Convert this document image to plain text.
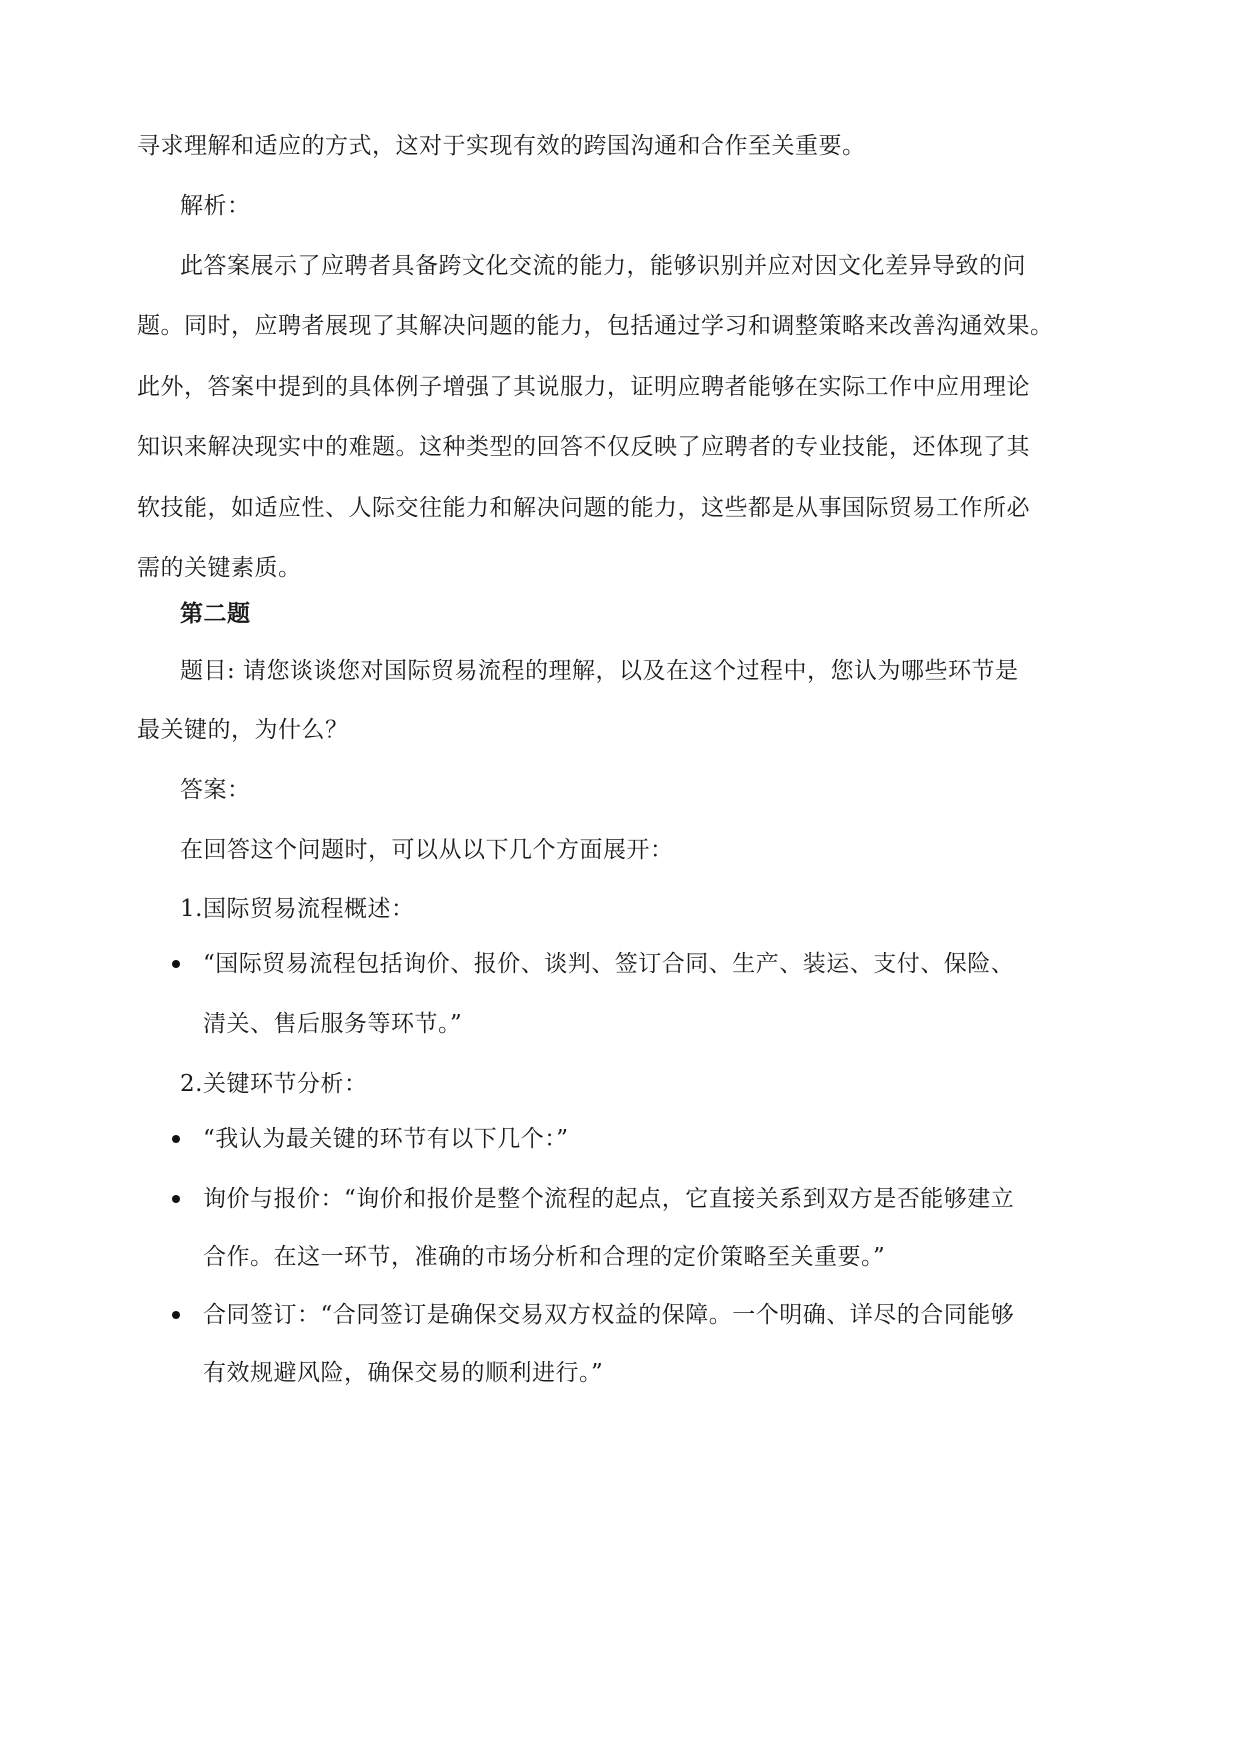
寻求理解和适应的方式，这对于实现有效的跨国沟通和合作至关重要。
解析：
此答案展示了应聘者具备跨文化交流的能力，能够识别并应对因文化差异导致的问
题。同时，应聘者展现了其解决问题的能力，包括通过学习和调整策略来改善沟通效果。
此外，答案中提到的具体例子增强了其说服力，证明应聘者能够在实际工作中应用理论
知识来解决现实中的难题。这种类型的回答不仅反映了应聘者的专业技能，还体现了其
软技能，如适应性、人际交往能力和解决问题的能力，这些都是从事国际贸易工作所必
需的关键素质。
第二题
题目: 请您谈谈您对国际贸易流程的理解，以及在这个过程中，您认为哪些环节是
最关键的，为什么？
答案：
在回答这个问题时，可以从以下几个方面展开：
1.国际贸易流程概述：
“国际贸易流程包括询价、报价、谈判、签订合同、生产、装运、支付、保险、
清关、售后服务等环节。”
2.关键环节分析：
“我认为最关键的环节有以下几个：”
询价与报价：“询价和报价是整个流程的起点，它直接关系到双方是否能够建立
合作。在这一环节，准确的市场分析和合理的定价策略至关重要。”
合同签订：“合同签订是确保交易双方权益的保障。一个明确、详尽的合同能够
有效规避风险，确保交易的顺利进行。”
